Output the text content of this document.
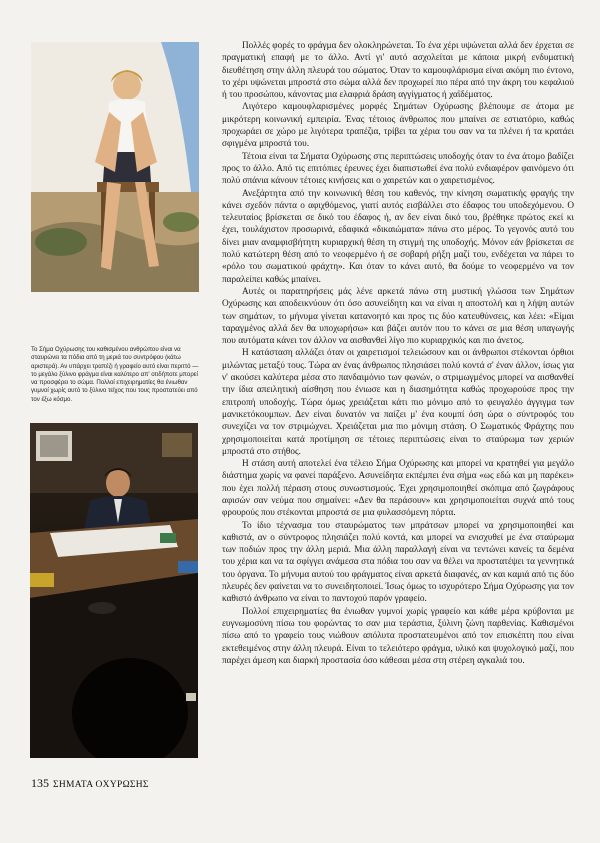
Το Σήμα Οχύρωσης του καθισμένου ανθρώπου είναι να σταυρώνει τα πόδια από τη μεριά του συντρόφου (κάτω αριστερά). Αν υπάρχει τραπέζι ή γραφείο αυτό είναι περιττό — το μεγάλο ξύλινο φράγμα είναι καλύτερο απ' οτιδήποτε μπορεί να προσφέρει το σώμα. Πολλοί επιχειρηματίες θα ένιωθαν γυμνοί χωρίς αυτό το ξύλινο τείχος που τους προστατεύει από τον έξω κόσμο.

Πολλές φορές το φράγμα δεν ολοκληρώνεται. Το ένα χέρι υψώνεται αλλά δεν έρχεται σε πραγματική επαφή με το άλλο. Αντί γι' αυτό ασχολείται με κάποια μικρή ενδυματική διευθέτηση στην άλλη πλευρά του σώματος. Όταν το καμουφλάρισμα είναι ακόμη πιο έντονο, το χέρι υψώνεται μπροστά στο σώμα αλλά δεν προχωρεί πιο πέρα από την άκρη του κεφαλιού ή του προσώπου, κάνοντας μια ελαφριά δράση αγγίγματος ή χαϊδέματος.

Λιγότερο καμουφλαρισμένες μορφές Σημάτων Οχύρωσης βλέπουμε σε άτομα με μικρότερη κοινωνική εμπειρία. Ένας τέτοιος άνθρωπος που μπαίνει σε εστιατόριο, καθώς προχωράει σε χώρο με λιγότερα τραπέζια, τρίβει τα χέρια του σαν να τα πλένει ή τα κρατάει σφιγμένα μπροστά του.

Τέτοια είναι τα Σήματα Οχύρωσης στις περιπτώσεις υποδοχής όταν το ένα άτομο βαδίζει προς το άλλο. Από τις επιτόπιες έρευνες έχει διαπιστωθεί ένα πολύ ενδιαφέρον φαινόμενο ότι πολύ σπάνια κάνουν τέτοιες κινήσεις και ο χαιρετών και ο χαιρετισμένος.

Ανεξάρτητα από την κοινωνική θέση του καθενός, την κίνηση σωματικής φραγής την κάνει σχεδόν πάντα ο αφιχθόμενος, γιατί αυτός εισβάλλει στο έδαφος του υποδεχόμενου. Ο τελευταίος βρίσκεται σε δικό του έδαφος ή, αν δεν είναι δικό του, βρέθηκε πρώτος εκεί κι έχει, τουλάχιστον προσωρινά, εδαφικά «δικαιώματα» πάνω στο μέρος. Το γεγονός αυτό του δίνει μιαν αναμφισβήτητη κυριαρχική θέση τη στιγμή της υποδοχής. Μόνον εάν βρίσκεται σε πολύ κατώτερη θέση από το νεοφερμένο ή σε σοβαρή ρήξη μαζί του, ενδέχεται να πάρει το «ρόλο του σωματικού φράχτη». Και όταν το κάνει αυτό, θα δούμε το νεοφερμένο να τον παραλείπει καθώς μπαίνει.

Αυτές οι παρατηρήσεις μάς λένε αρκετά πάνω στη μυστική γλώσσα των Σημάτων Οχύρωσης και αποδεικνύουν ότι όσο ασυνείδητη και να είναι η αποστολή και η λήψη αυτών των σημάτων, το μήνυμα γίνεται κατανοητό και προς τις δύο κατευθύνσεις, και λέει: «Είμαι ταραγμένος αλλά δεν θα υποχωρήσω» και βάζει αυτόν που το κάνει σε μια θέση υπαγωγής που αυτόματα κάνει τον άλλον να αισθανθεί λίγο πιο κυριαρχικός και πιο άνετος.

Η κατάσταση αλλάζει όταν οι χαιρετισμοί τελειώσουν και οι άνθρωποι στέκονται όρθιοι μιλώντας μεταξύ τους. Τώρα αν ένας άνθρωπος πλησιάσει πολύ κοντά σ' έναν άλλον, ίσως για ν' ακούσει καλύτερα μέσα στο πανδαιμόνιο των φωνών, ο στριμωγμένος μπορεί να αισθανθεί την ίδια απειλητική αίσθηση που ένιωσε και η διασημότητα καθώς προχωρούσε προς την επιτροπή υποδοχής. Τώρα όμως χρειάζεται κάτι πιο μόνιμο από το φευγαλέο άγγιγμα των μανικετόκουμπων. Δεν είναι δυνατόν να παίζει μ' ένα κουμπί όση ώρα ο σύντροφός του συνεχίζει να τον στριμώχνει. Χρειάζεται μια πιο μόνιμη στάση. Ο Σωματικός Φράχτης που χρησιμοποιείται κατά προτίμηση σε τέτοιες περιπτώσεις είναι το σταύρωμα των χεριών μπροστά στο στήθος.

Η στάση αυτή αποτελεί ένα τέλειο Σήμα Οχύρωσης και μπορεί να κρατηθεί για μεγάλο διάστημα χωρίς να φανεί παράξενο. Ασυνείδητα εκπέμπει ένα σήμα «ως εδώ και μη παρέκει» που έχει πολλή πέραση στους συνωστισμούς. Έχει χρησιμοποιηθεί σκόπιμα από ζωγράφους αφισών σαν νεύμα που σημαίνει: «Δεν θα περάσουν» και χρησιμοποιείται συχνά από τους φρουρούς που στέκονται μπροστά σε μια φυλασσόμενη πόρτα.

Το ίδιο τέχνασμα του σταυρώματος των μπράτσων μπορεί να χρησιμοποιηθεί και καθιστά, αν ο σύντροφος πλησιάζει πολύ κοντά, και μπορεί να ενισχυθεί με ένα σταύρωμα των ποδιών προς την άλλη μεριά. Μια άλλη παραλλαγή είναι να τεντώνει κανείς τα δεμένα του χέρια και να τα σφίγγει ανάμεσα στα πόδια του σαν να θέλει να προστατέψει τα γεννητικά του όργανα. Το μήνυμα αυτού του φράγματος είναι αρκετά διαφανές, αν και καμιά από τις δύο πλευρές δεν φαίνεται να το συνειδητοποιεί. Ίσως όμως το ισχυρότερο Σήμα Οχύρωσης για τον καθιστό άνθρωπο να είναι το παντοχού παρόν γραφείο.

Πολλοί επιχειρηματίες θα ένιωθαν γυμνοί χωρίς γραφείο και κάθε μέρα κρύβονται με ευγνωμοσύνη πίσω του φορώντας το σαν μια τεράστια, ξύλινη ζώνη παρθενίας. Καθισμένοι πίσω από το γραφείο τους νιώθουν απόλυτα προστατευμένοι από τον επισκέπτη που είναι εκτεθειμένος στην άλλη πλευρά. Είναι το τελειότερο φράγμα, υλικό και ψυχολογικό μαζί, που παρέχει άμεση και διαρκή προστασία όσο κάθεσαι μέσα στη στέρεη αγκαλιά του.

135 ΣΗΜΑΤΑ ΟΧΥΡΩΣΗΣ
